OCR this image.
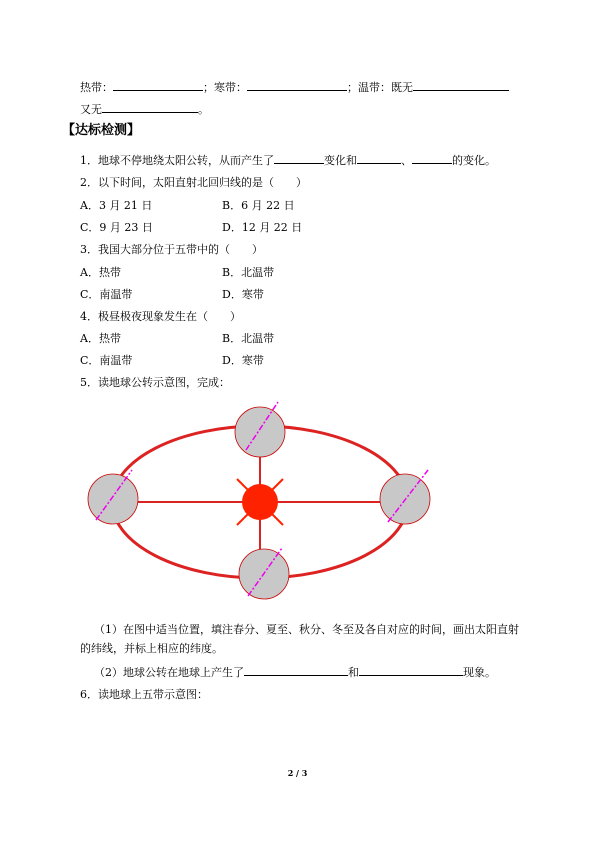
热带：	；寒带：	；温带：既无
又无	。
【达标检测】
1．地球不停地绕太阳公转，从而产生了	变化和	、	的变化。
2．以下时间，太阳直射北回归线的是（　　）
A．3 月 21 日	B．6 月 22 日
C．9 月 23 日	D．12 月 22 日
3．我国大部分位于五带中的（　　）
A．热带	B．北温带
C．南温带	D．寒带
4．极昼极夜现象发生在（　　）
A．热带	B．北温带
C．南温带	D．寒带
5．读地球公转示意图，完成：
（1）在图中适当位置，填注春分、夏至、秋分、冬至及各自对应的时间，画出太阳直射
的纬线，并标上相应的纬度。
（2）地球公转在地球上产生了	和	现象。
6．读地球上五带示意图：
2 / 3
